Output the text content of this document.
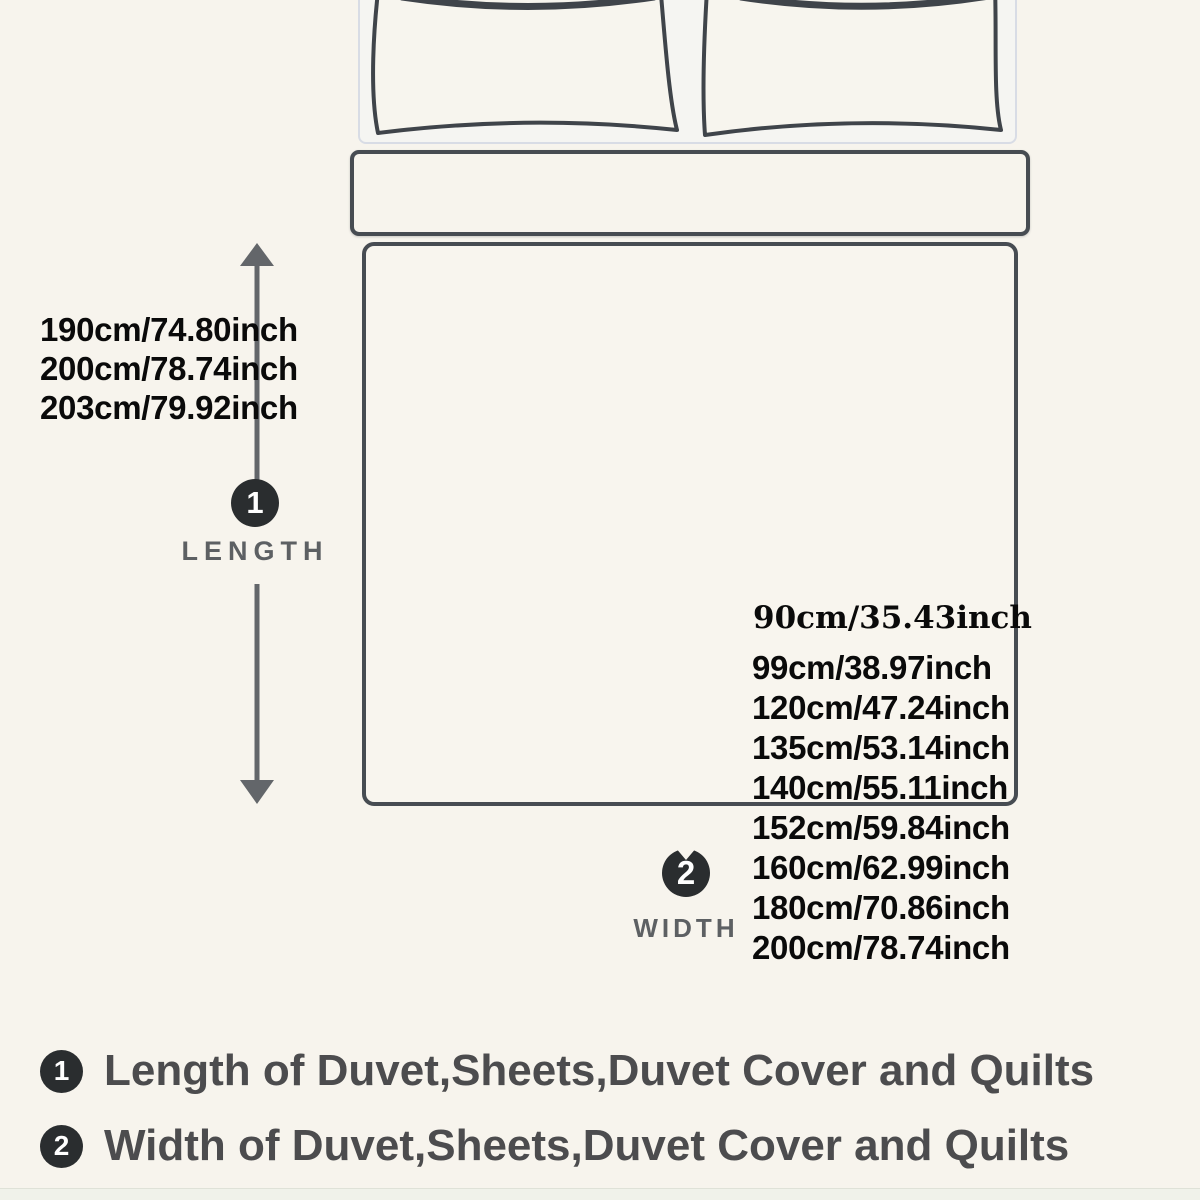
190cm/74.80inch
200cm/78.74inch
203cm/79.92inch
1
LENGTH
90cm/35.43inch
99cm/38.97inch
120cm/47.24inch
135cm/53.14inch
140cm/55.11inch
152cm/59.84inch
160cm/62.99inch
180cm/70.86inch
200cm/78.74inch
2
WIDTH
1 Length of Duvet,Sheets,Duvet Cover and Quilts
2 Width of Duvet,Sheets,Duvet Cover and Quilts
